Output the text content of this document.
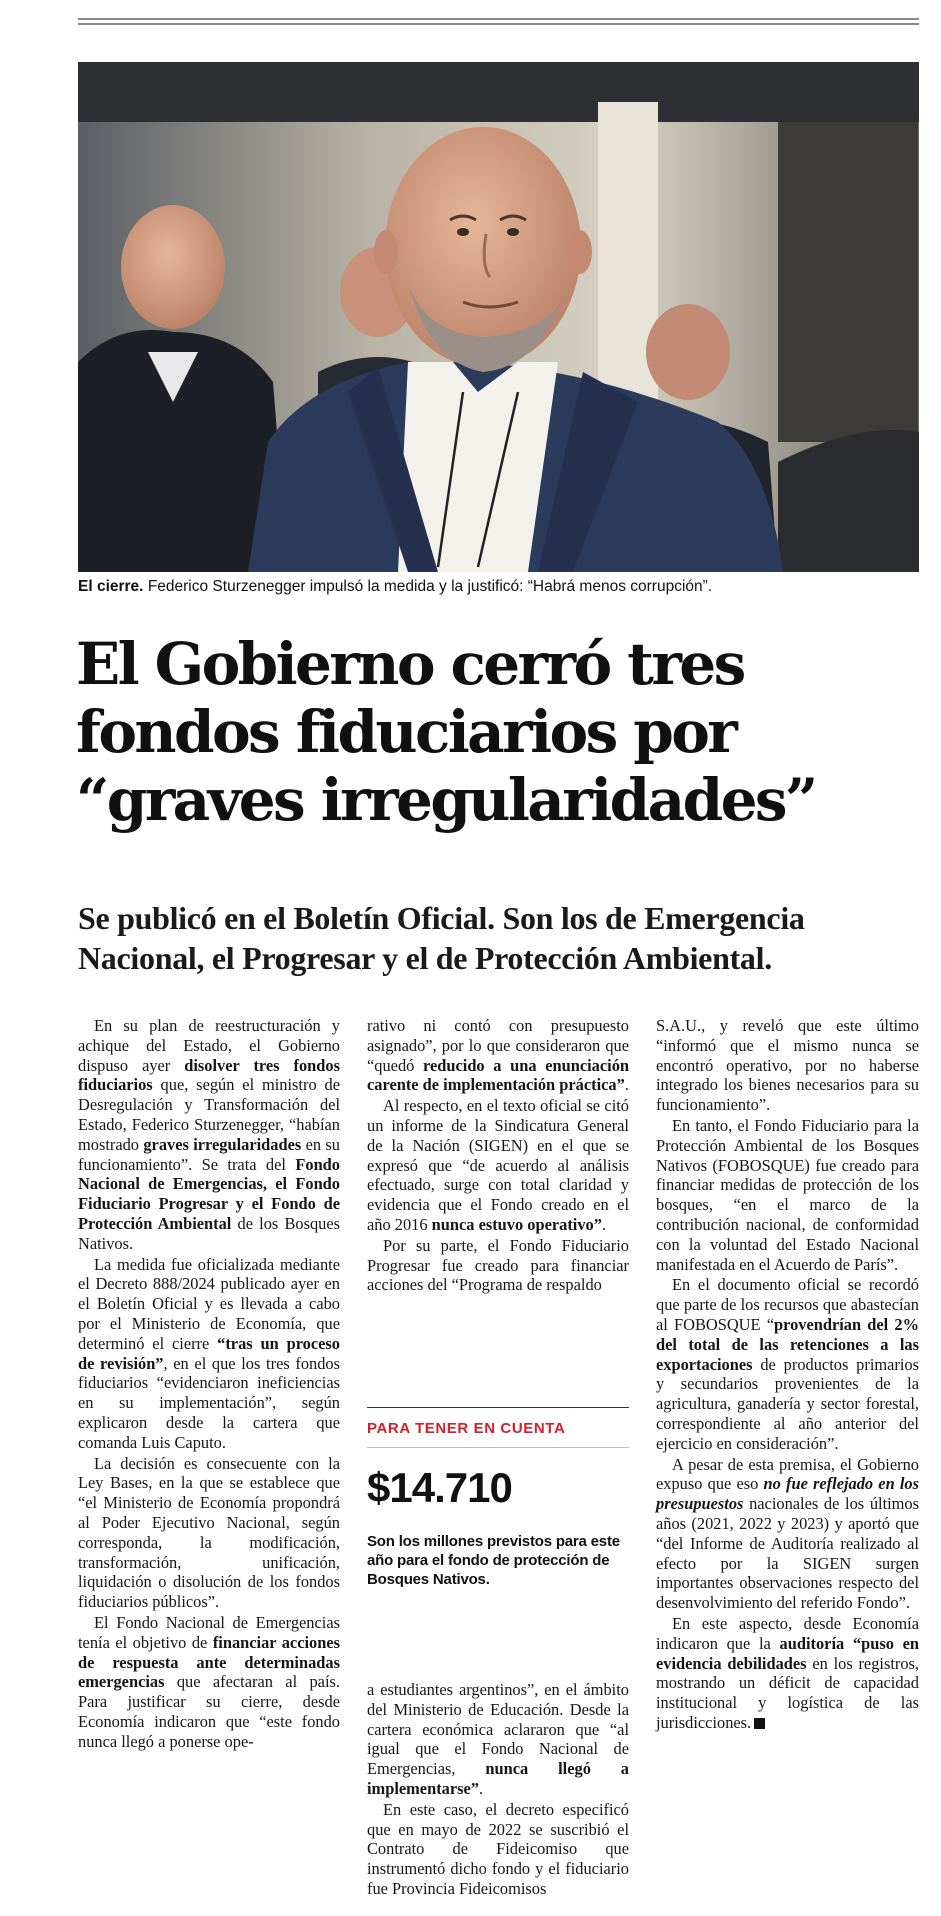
El cierre. Federico Sturzenegger impulsó la medida y la justificó: “Habrá menos corrupción”.
El Gobierno cerró tres
fondos fiduciarios por
“graves irregularidades”
Se publicó en el Boletín Oficial. Son los de Emergencia
Nacional, el Progresar y el de Protección Ambiental.

En su plan de reestructuración y achique del Estado, el Gobierno dispuso ayer disolver tres fondos fiduciarios que, según el ministro de Desregulación y Transformación del Estado, Federico Sturzenegger, “habían mostrado graves irregularidades en su funcionamiento”. Se trata del Fondo Nacional de Emergencias, el Fondo Fiduciario Progresar y el Fondo de Protección Ambiental de los Bosques Nativos.

La medida fue oficializada mediante el Decreto 888/2024 publicado ayer en el Boletín Oficial y es llevada a cabo por el Ministerio de Economía, que determinó el cierre “tras un proceso de revisión”, en el que los tres fondos fiduciarios “evidenciaron ineficiencias en su implementación”, según explicaron desde la cartera que comanda Luis Caputo.

La decisión es consecuente con la Ley Bases, en la que se establece que “el Ministerio de Economía propondrá al Poder Ejecutivo Nacional, según corresponda, la modificación, transformación, unificación, liquidación o disolución de los fondos fiduciarios públicos”.

El Fondo Nacional de Emergencias tenía el objetivo de financiar acciones de respuesta ante determinadas emergencias que afectaran al país. Para justificar su cierre, desde Economía indicaron que “este fondo nunca llegó a ponerse ope-

rativo ni contó con presupuesto asignado”, por lo que consideraron que “quedó reducido a una enunciación carente de implementación práctica”.

Al respecto, en el texto oficial se citó un informe de la Sindicatura General de la Nación (SIGEN) en el que se expresó que “de acuerdo al análisis efectuado, surge con total claridad y evidencia que el Fondo creado en el año 2016 nunca estuvo operativo”.

Por su parte, el Fondo Fiduciario Progresar fue creado para financiar acciones del “Programa de respaldo

PARA TENER EN CUENTA
$14.710
Son los millones previstos para este año para el fondo de protección de Bosques Nativos.

a estudiantes argentinos”, en el ámbito del Ministerio de Educación. Desde la cartera económica aclararon que “al igual que el Fondo Nacional de Emergencias, nunca llegó a implementarse”.

En este caso, el decreto especificó que en mayo de 2022 se suscribió el Contrato de Fideicomiso que instrumentó dicho fondo y el fiduciario fue Provincia Fideicomisos

S.A.U., y reveló que este último “informó que el mismo nunca se encontró operativo, por no haberse integrado los bienes necesarios para su funcionamiento”.

En tanto, el Fondo Fiduciario para la Protección Ambiental de los Bosques Nativos (FOBOSQUE) fue creado para financiar medidas de protección de los bosques, “en el marco de la contribución nacional, de conformidad con la voluntad del Estado Nacional manifestada en el Acuerdo de París”.

En el documento oficial se recordó que parte de los recursos que abastecían al FOBOSQUE “provendrían del 2% del total de las retenciones a las exportaciones de productos primarios y secundarios provenientes de la agricultura, ganadería y sector forestal, correspondiente al año anterior del ejercicio en consideración”.

A pesar de esta premisa, el Gobierno expuso que eso no fue reflejado en los presupuestos nacionales de los últimos años (2021, 2022 y 2023) y aportó que “del Informe de Auditoría realizado al efecto por la SIGEN surgen importantes observaciones respecto del desenvolvimiento del referido Fondo”.

En este aspecto, desde Economía indicaron que la auditoría “puso en evidencia debilidades en los registros, mostrando un déficit de capacidad institucional y logística de las jurisdicciones.
